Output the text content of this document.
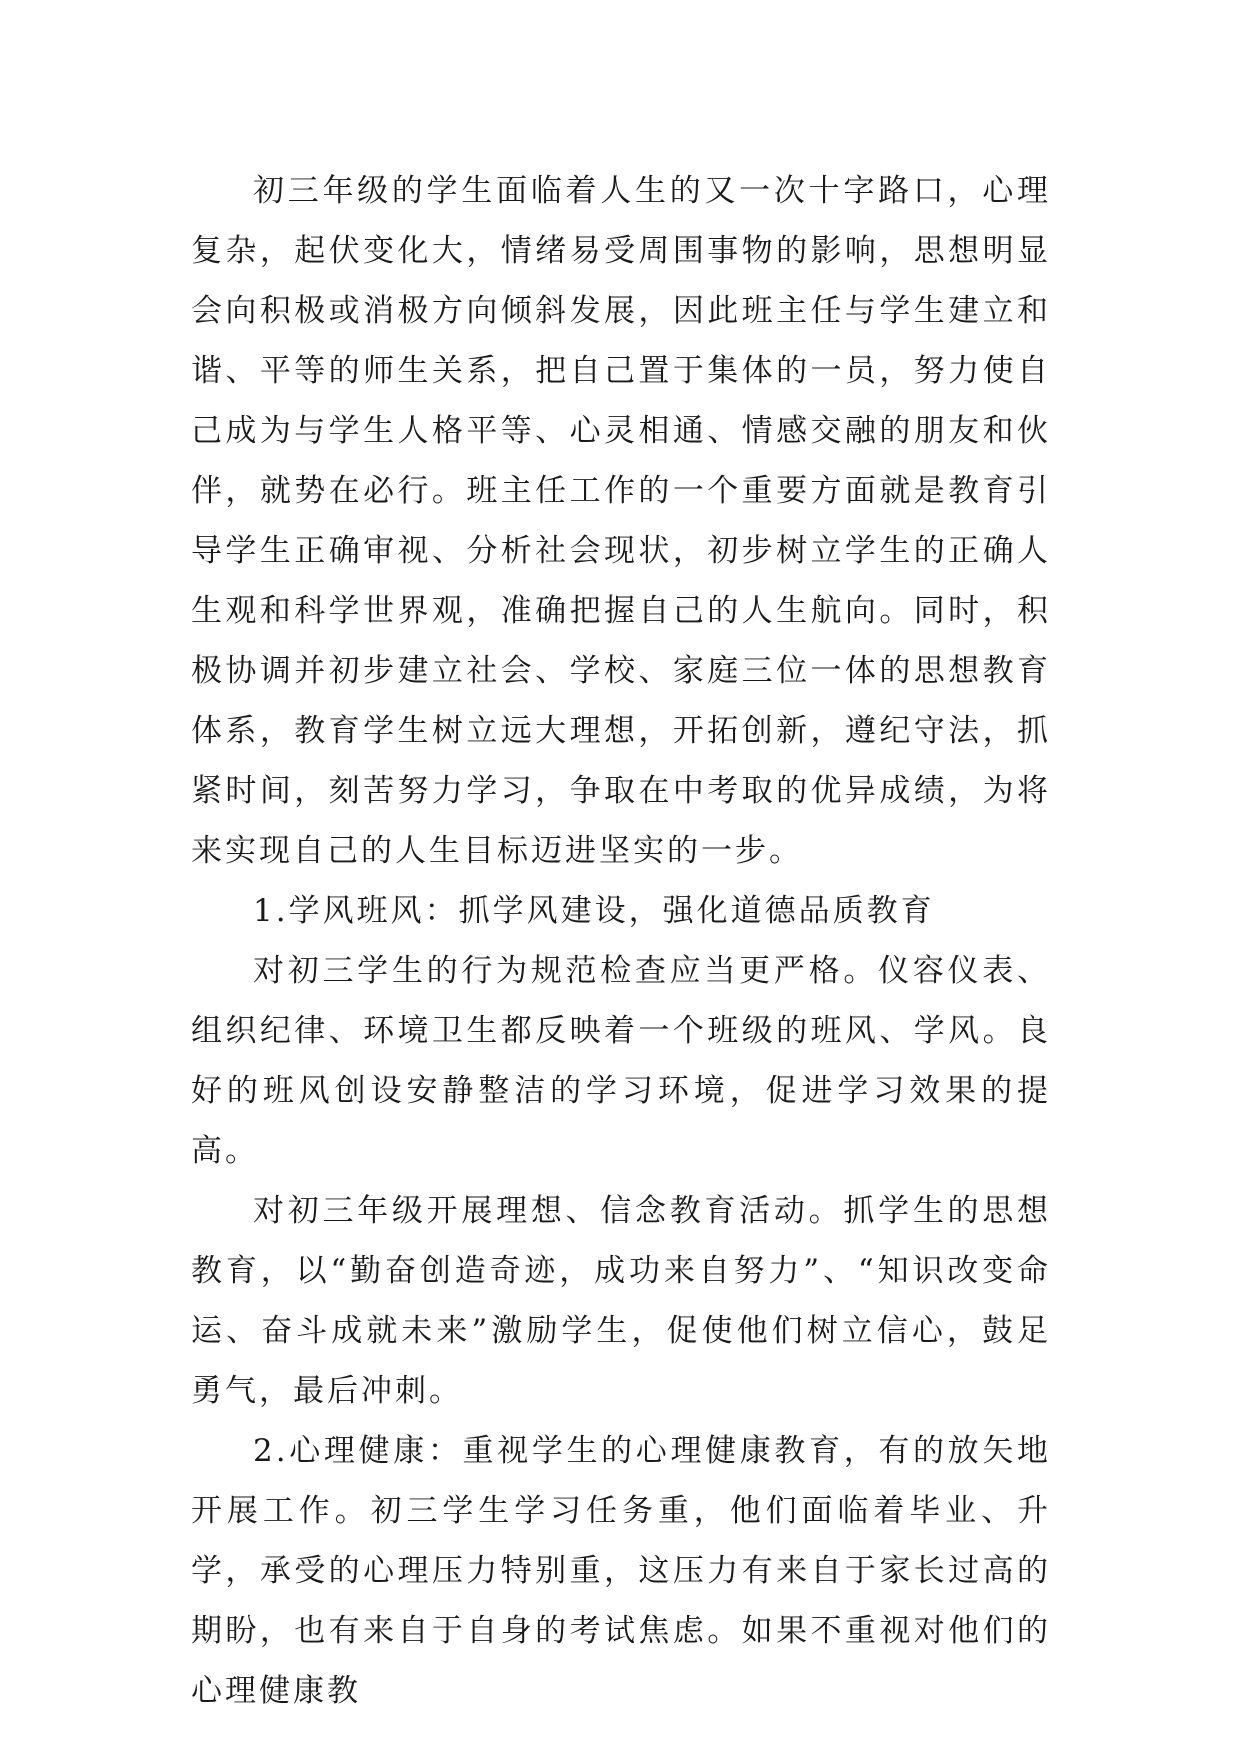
初三年级的学生面临着人生的又一次十字路口，心理复杂，起伏变化大，情绪易受周围事物的影响，思想明显会向积极或消极方向倾斜发展，因此班主任与学生建立和谐、平等的师生关系，把自己置于集体的一员，努力使自己成为与学生人格平等、心灵相通、情感交融的朋友和伙伴，就势在必行。班主任工作的一个重要方面就是教育引导学生正确审视、分析社会现状，初步树立学生的正确人生观和科学世界观，准确把握自己的人生航向。同时，积极协调并初步建立社会、学校、家庭三位一体的思想教育体系，教育学生树立远大理想，开拓创新，遵纪守法，抓紧时间，刻苦努力学习，争取在中考取的优异成绩，为将来实现自己的人生目标迈进坚实的一步。

1.学风班风：抓学风建设，强化道德品质教育

对初三学生的行为规范检查应当更严格。仪容仪表、组织纪律、环境卫生都反映着一个班级的班风、学风。良好的班风创设安静整洁的学习环境，促进学习效果的提高。

对初三年级开展理想、信念教育活动。抓学生的思想教育，以“勤奋创造奇迹，成功来自努力”、“知识改变命运、奋斗成就未来”激励学生，促使他们树立信心，鼓足勇气，最后冲刺。

2.心理健康：重视学生的心理健康教育，有的放矢地开展工作。初三学生学习任务重，他们面临着毕业、升学，承受的心理压力特别重，这压力有来自于家长过高的期盼，也有来自于自身的考试焦虑。如果不重视对他们的心理健康教
